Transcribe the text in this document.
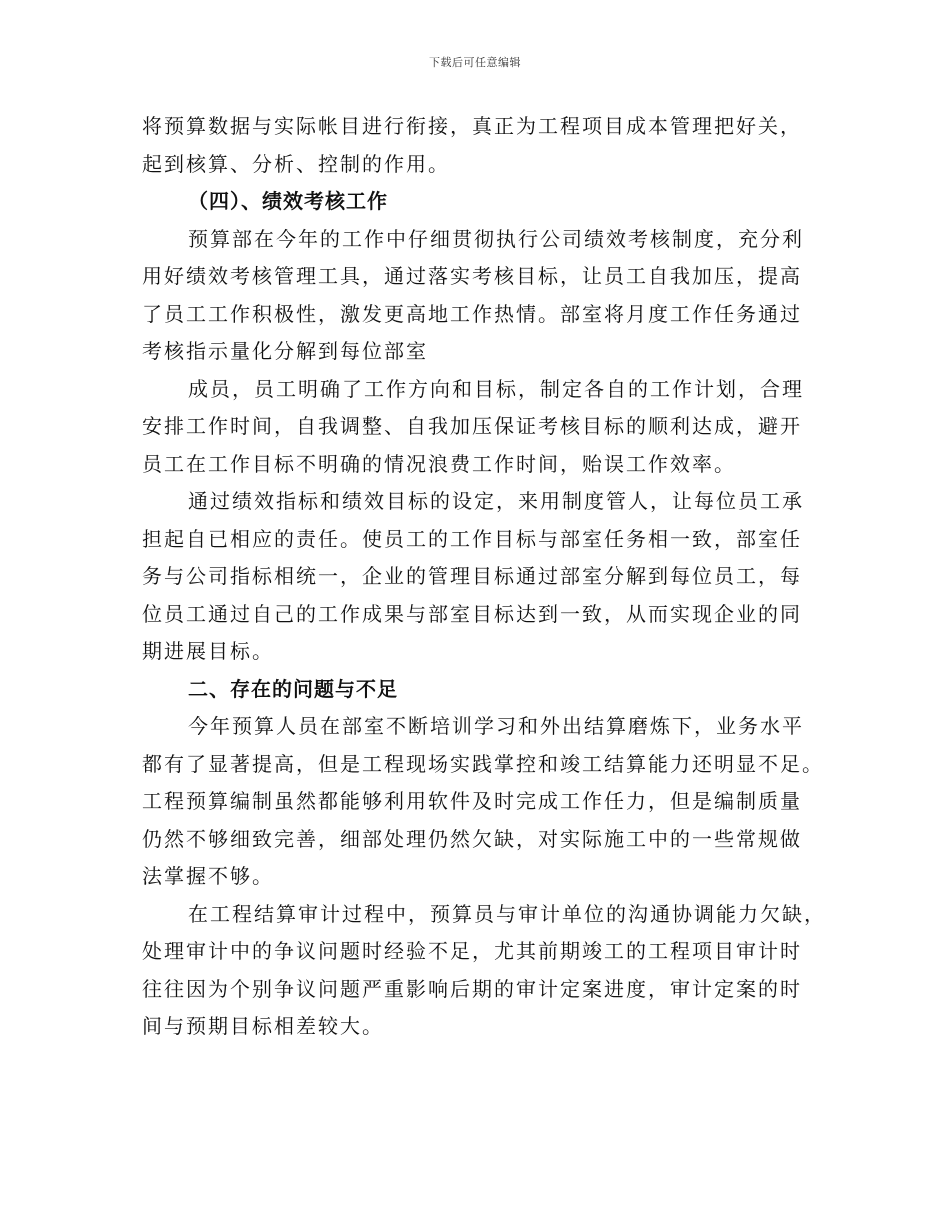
下载后可任意编辑

将预算数据与实际帐目进行衔接，真正为工程项目成本管理把好关，
起到核算、分析、控制的作用。

（四）、绩效考核工作

预算部在今年的工作中仔细贯彻执行公司绩效考核制度，充分利
用好绩效考核管理工具，通过落实考核目标，让员工自我加压，提高
了员工工作积极性，激发更高地工作热情。部室将月度工作任务通过
考核指示量化分解到每位部室

成员，员工明确了工作方向和目标，制定各自的工作计划，合理
安排工作时间，自我调整、自我加压保证考核目标的顺利达成，避开
员工在工作目标不明确的情况浪费工作时间，贻误工作效率。

通过绩效指标和绩效目标的设定，来用制度管人，让每位员工承
担起自已相应的责任。使员工的工作目标与部室任务相一致，部室任
务与公司指标相统一，企业的管理目标通过部室分解到每位员工，每
位员工通过自己的工作成果与部室目标达到一致，从而实现企业的同
期进展目标。

二、存在的问题与不足

今年预算人员在部室不断培训学习和外出结算磨炼下，业务水平
都有了显著提高，但是工程现场实践掌控和竣工结算能力还明显不足。
工程预算编制虽然都能够利用软件及时完成工作任力，但是编制质量
仍然不够细致完善，细部处理仍然欠缺，对实际施工中的一些常规做
法掌握不够。

在工程结算审计过程中，预算员与审计单位的沟通协调能力欠缺，
处理审计中的争议问题时经验不足，尤其前期竣工的工程项目审计时
往往因为个别争议问题严重影响后期的审计定案进度，审计定案的时
间与预期目标相差较大。
